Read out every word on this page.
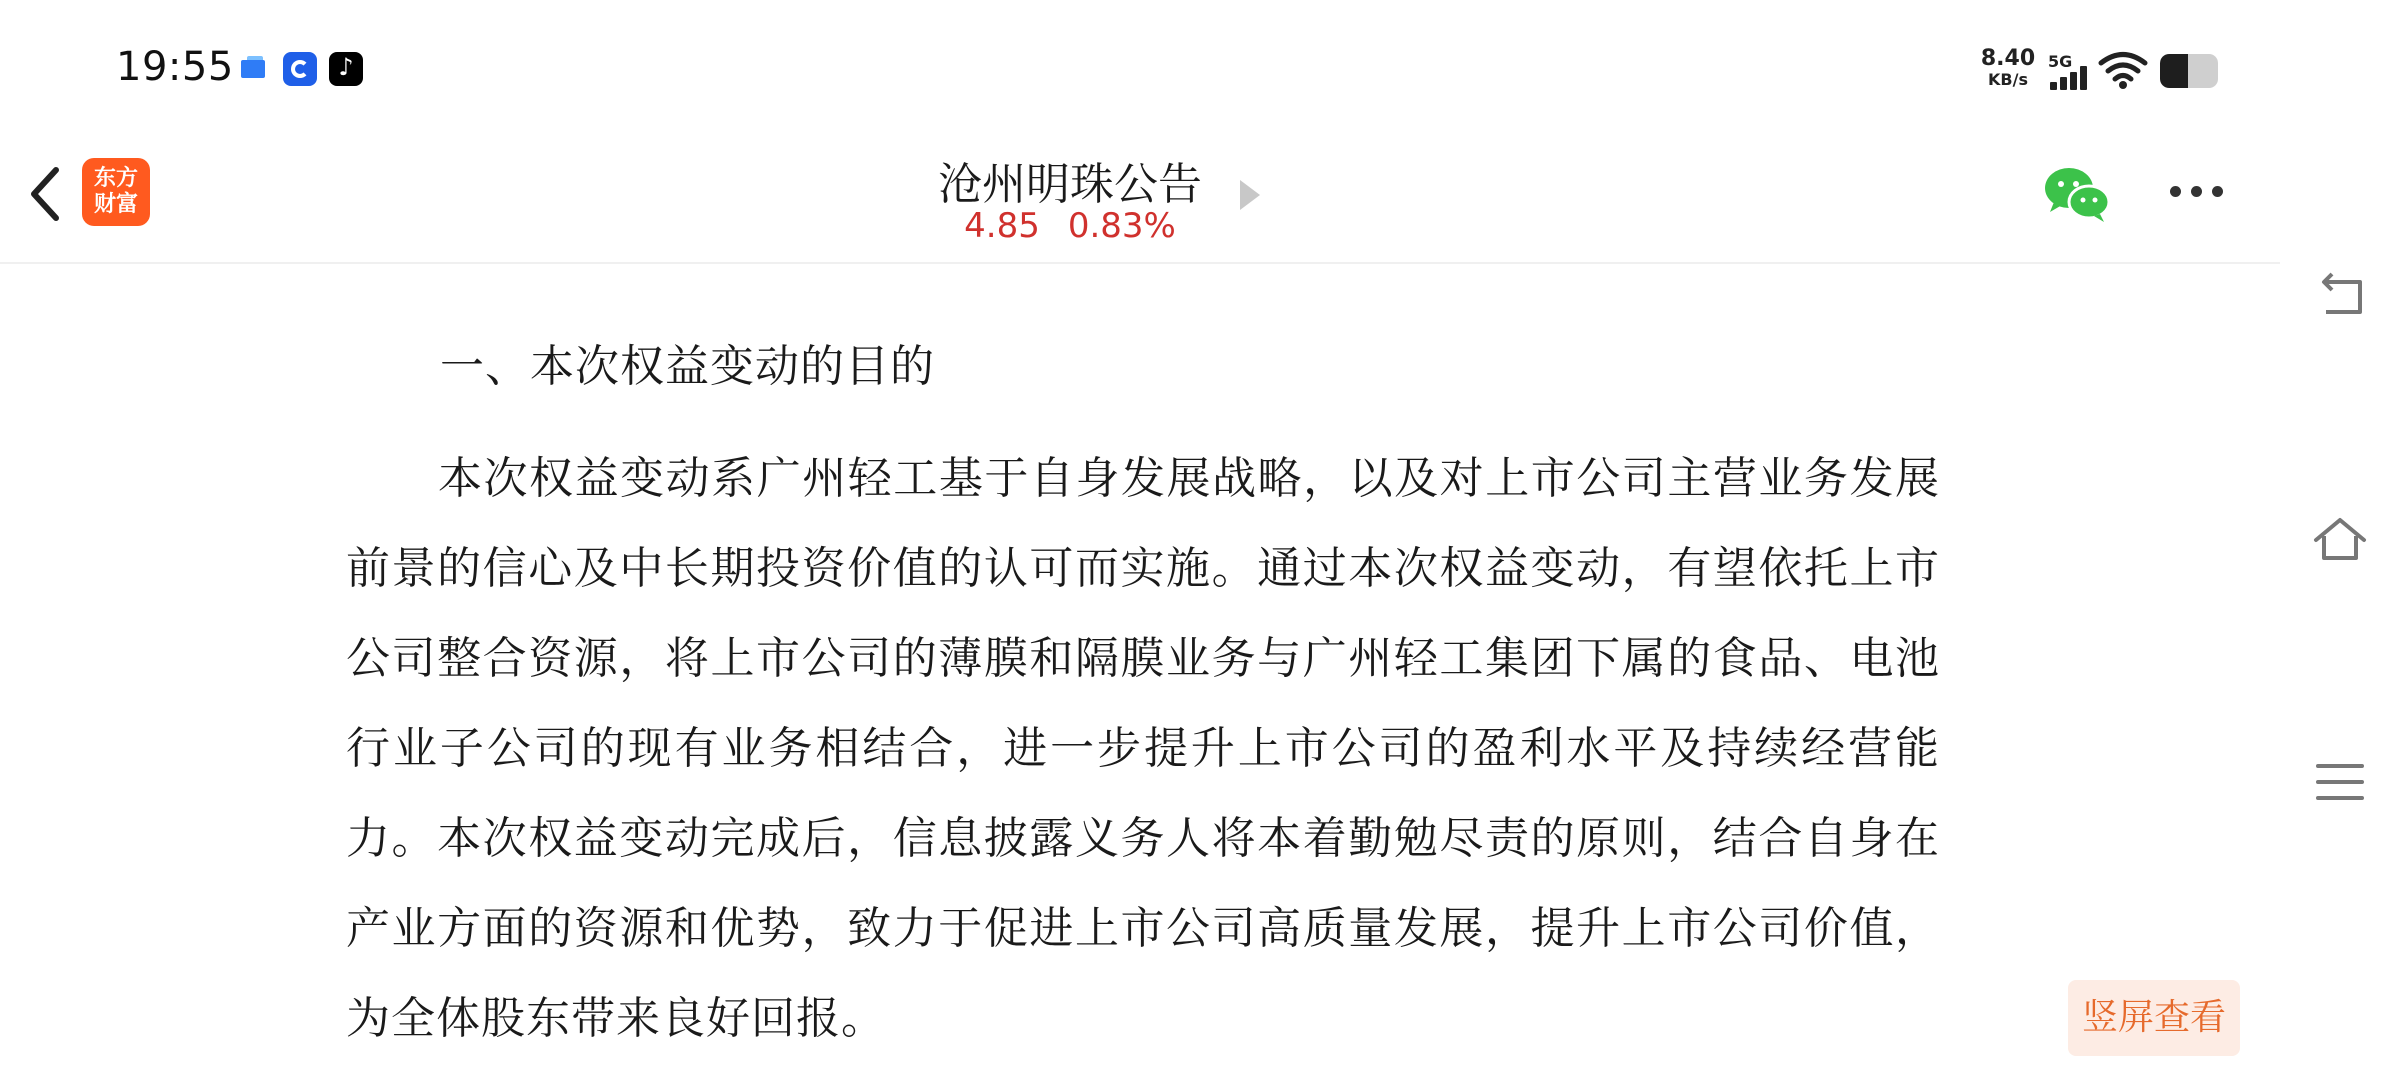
19:55	♪	8.40
KB/s
5G
东方
财富	沧州明珠公告
4.85 0.83%
一、本次权益变动的目的
本次权益变动系广州轻工基于自身发展战略，以及对上市公司主营业务发展前景的信心及中长期投资价值的认可而实施。通过本次权益变动，有望依托上市公司整合资源，将上市公司的薄膜和隔膜业务与广州轻工集团下属的食品、电池行业子公司的现有业务相结合，进一步提升上市公司的盈利水平及持续经营能力。本次权益变动完成后，信息披露义务人将本着勤勉尽责的原则，结合自身在产业方面的资源和优势，致力于促进上市公司高质量发展，提升上市公司价值，为全体股东带来良好回报。	竖屏查看
